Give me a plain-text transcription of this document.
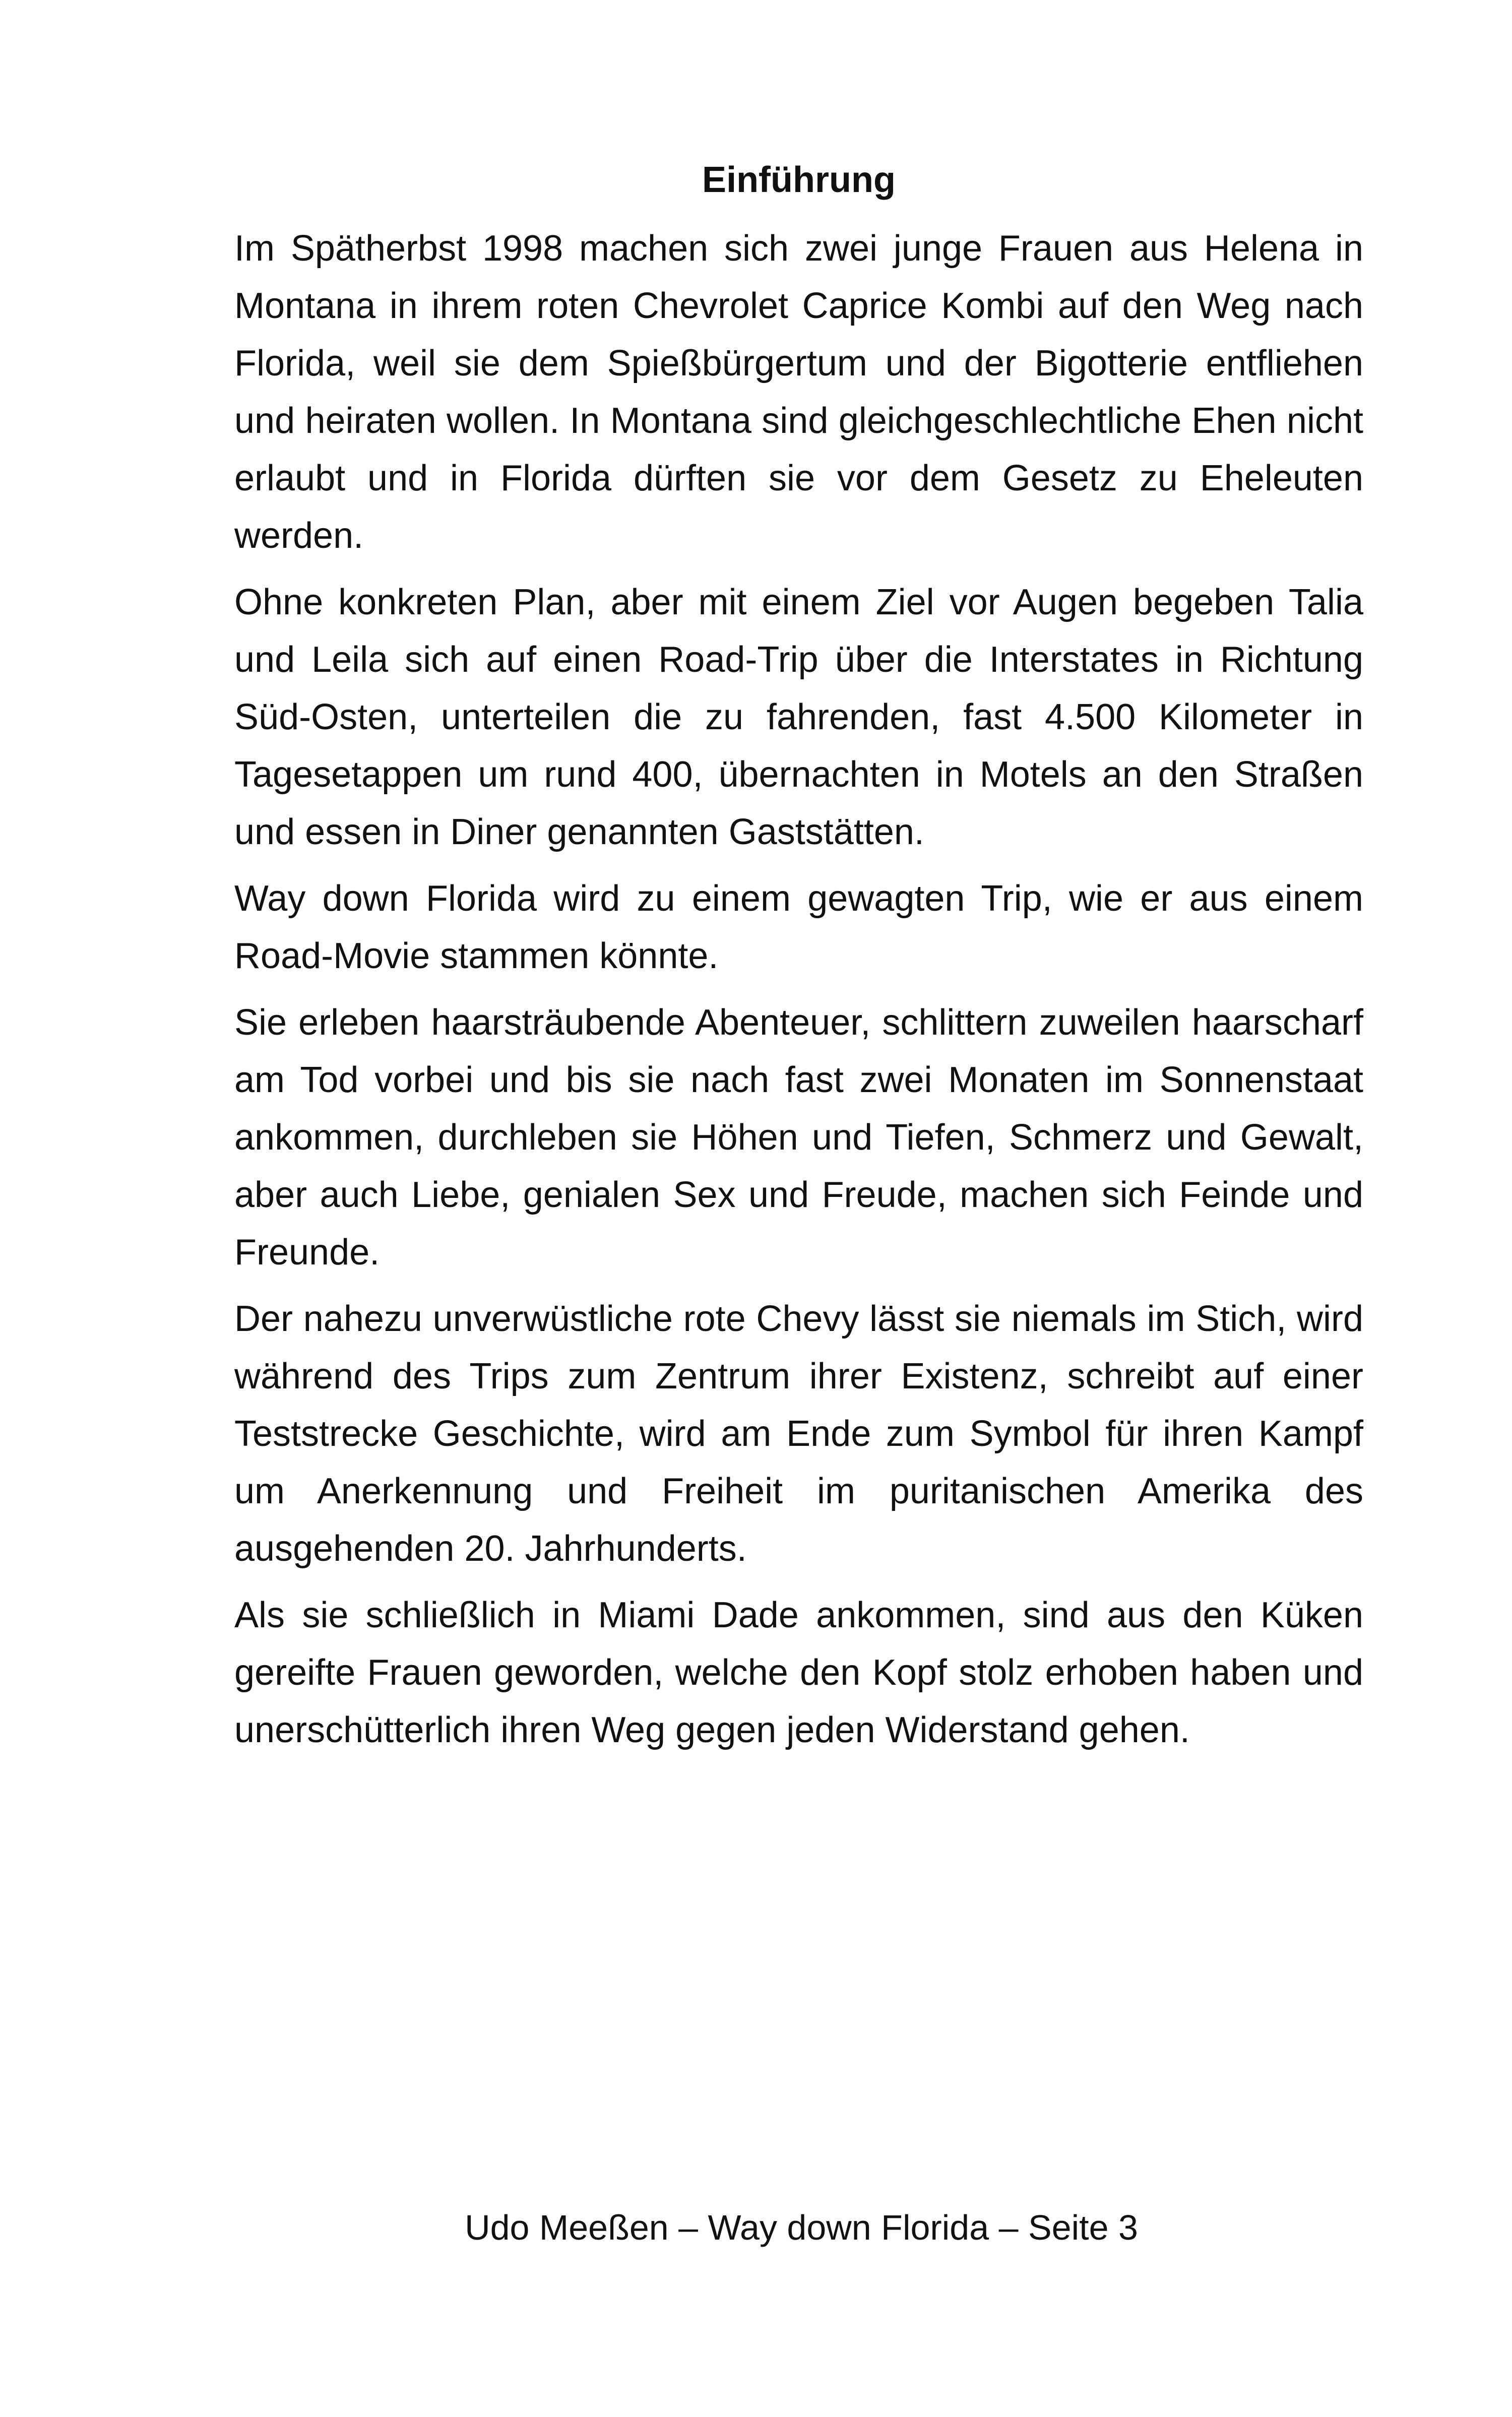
Einführung

Im Spätherbst 1998 machen sich zwei junge Frauen aus Helena in Montana in ihrem roten Chevrolet Caprice Kombi auf den Weg nach Florida, weil sie dem Spießbürgertum und der Bigotterie entfliehen und heiraten wollen. In Montana sind gleichgeschlechtliche Ehen nicht erlaubt und in Florida dürften sie vor dem Gesetz zu Eheleuten werden.

Ohne konkreten Plan, aber mit einem Ziel vor Augen begeben Talia und Leila sich auf einen Road-Trip über die Interstates in Richtung Süd-Osten, unterteilen die zu fahrenden, fast 4.500 Kilometer in Tagesetappen um rund 400, übernachten in Motels an den Straßen und essen in Diner genannten Gaststätten.

Way down Florida wird zu einem gewagten Trip, wie er aus einem Road-Movie stammen könnte.

Sie erleben haarsträubende Abenteuer, schlittern zuweilen haarscharf am Tod vorbei und bis sie nach fast zwei Monaten im Sonnenstaat ankommen, durchleben sie Höhen und Tiefen, Schmerz und Gewalt, aber auch Liebe, genialen Sex und Freude, machen sich Feinde und Freunde.

Der nahezu unverwüstliche rote Chevy lässt sie niemals im Stich, wird während des Trips zum Zentrum ihrer Existenz, schreibt auf einer Teststrecke Geschichte, wird am Ende zum Symbol für ihren Kampf um Anerkennung und Freiheit im puritanischen Amerika des ausgehenden 20. Jahrhunderts.

Als sie schließlich in Miami Dade ankommen, sind aus den Küken gereifte Frauen geworden, welche den Kopf stolz erhoben haben und unerschütterlich ihren Weg gegen jeden Widerstand gehen.

Udo Meeßen – Way down Florida – Seite 3
